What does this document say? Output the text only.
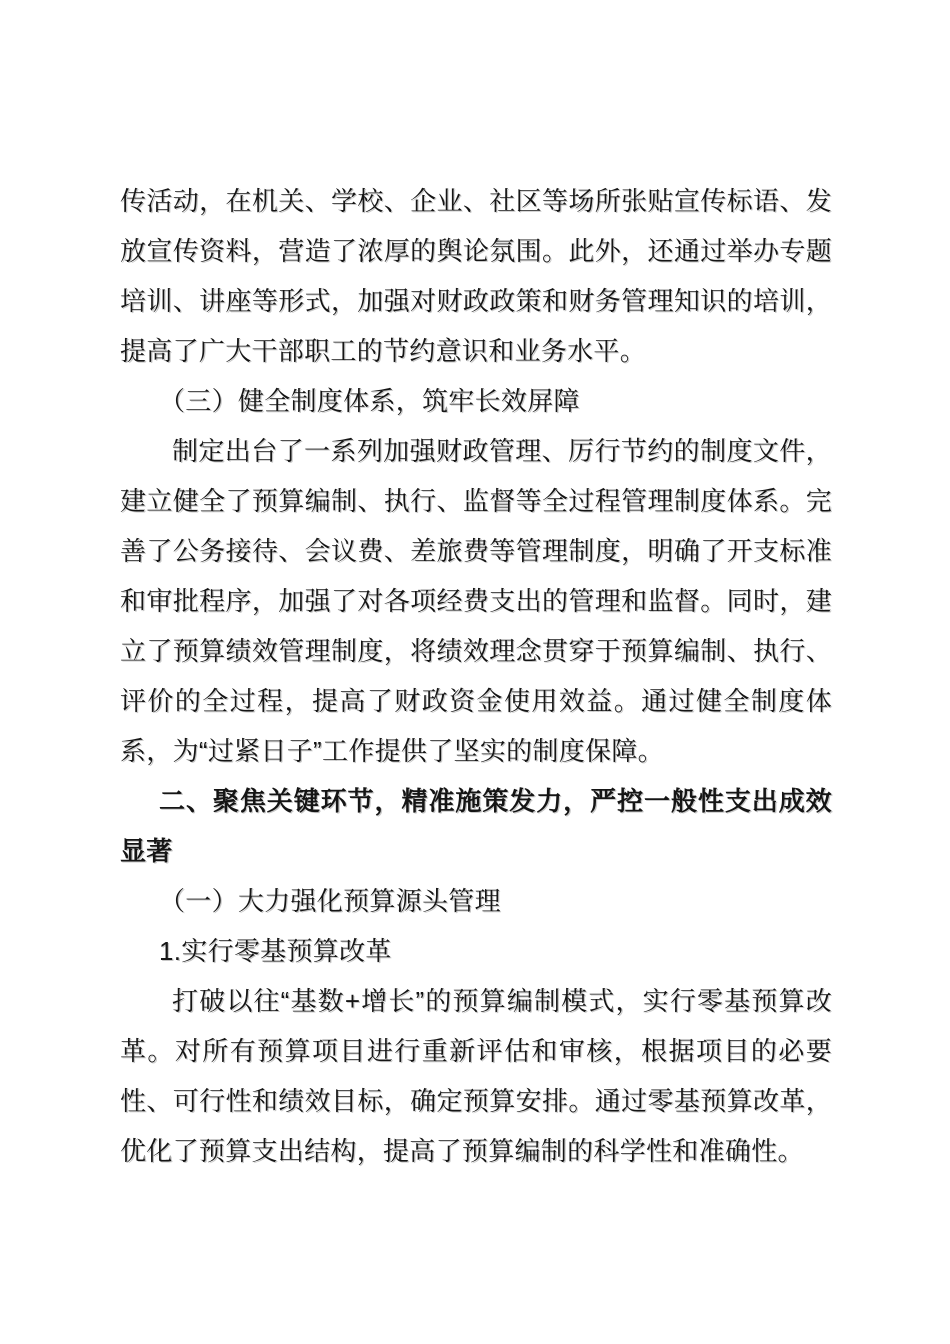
传活动，在机关、学校、企业、社区等场所张贴宣传标语、发放宣传资料，营造了浓厚的舆论氛围。此外，还通过举办专题培训、讲座等形式，加强对财政政策和财务管理知识的培训，提高了广大干部职工的节约意识和业务水平。

（三）健全制度体系，筑牢长效屏障

制定出台了一系列加强财政管理、厉行节约的制度文件，建立健全了预算编制、执行、监督等全过程管理制度体系。完善了公务接待、会议费、差旅费等管理制度，明确了开支标准和审批程序，加强了对各项经费支出的管理和监督。同时，建立了预算绩效管理制度，将绩效理念贯穿于预算编制、执行、评价的全过程，提高了财政资金使用效益。通过健全制度体系，为“过紧日子”工作提供了坚实的制度保障。

二、聚焦关键环节，精准施策发力，严控一般性支出成效显著

（一）大力强化预算源头管理

1.实行零基预算改革

打破以往“基数+增长”的预算编制模式，实行零基预算改革。对所有预算项目进行重新评估和审核，根据项目的必要性、可行性和绩效目标，确定预算安排。通过零基预算改革，优化了预算支出结构，提高了预算编制的科学性和准确性。
